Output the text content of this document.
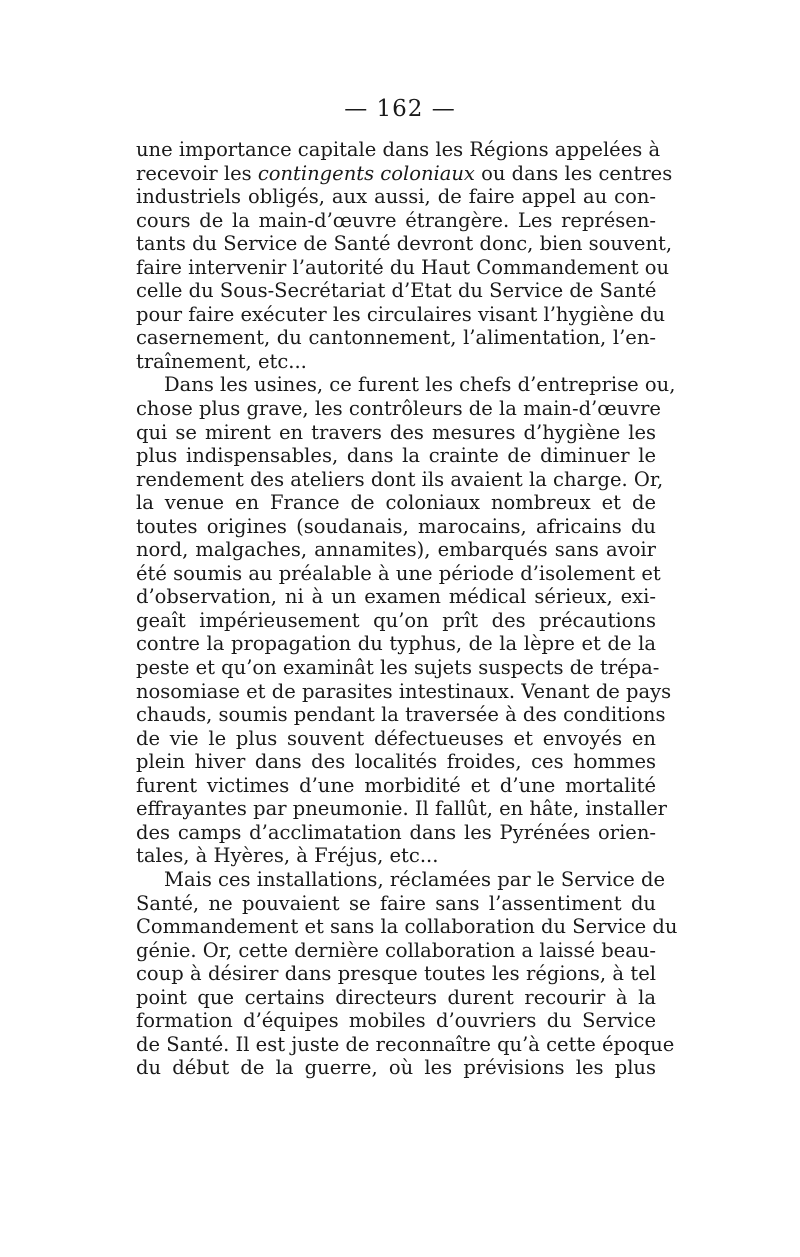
— 162 —
une importance capitale dans les Régions appelées à
recevoir les contingents coloniaux ou dans les centres
industriels obligés, aux aussi, de faire appel au con-
cours de la main-d’œuvre étrangère. Les représen-
tants du Service de Santé devront donc, bien souvent,
faire intervenir l’autorité du Haut Commandement ou
celle du Sous-Secrétariat d’Etat du Service de Santé
pour faire exécuter les circulaires visant l’hygiène du
casernement, du cantonnement, l’alimentation, l’en-
traînement, etc...
Dans les usines, ce furent les chefs d’entreprise ou,
chose plus grave, les contrôleurs de la main-d’œuvre
qui se mirent en travers des mesures d’hygiène les
plus indispensables, dans la crainte de diminuer le
rendement des ateliers dont ils avaient la charge. Or,
la venue en France de coloniaux nombreux et de
toutes origines (soudanais, marocains, africains du
nord, malgaches, annamites), embarqués sans avoir
été soumis au préalable à une période d’isolement et
d’observation, ni à un examen médical sérieux, exi-
geaît impérieusement qu’on prît des précautions
contre la propagation du typhus, de la lèpre et de la
peste et qu’on examinât les sujets suspects de trépa-
nosomiase et de parasites intestinaux. Venant de pays
chauds, soumis pendant la traversée à des conditions
de vie le plus souvent défectueuses et envoyés en
plein hiver dans des localités froides, ces hommes
furent victimes d’une morbidité et d’une mortalité
effrayantes par pneumonie. Il fallût, en hâte, installer
des camps d’acclimatation dans les Pyrénées orien-
tales, à Hyères, à Fréjus, etc...
Mais ces installations, réclamées par le Service de
Santé, ne pouvaient se faire sans l’assentiment du
Commandement et sans la collaboration du Service du
génie. Or, cette dernière collaboration a laissé beau-
coup à désirer dans presque toutes les régions, à tel
point que certains directeurs durent recourir à la
formation d’équipes mobiles d’ouvriers du Service
de Santé. Il est juste de reconnaître qu’à cette époque
du début de la guerre, où les prévisions les plus
